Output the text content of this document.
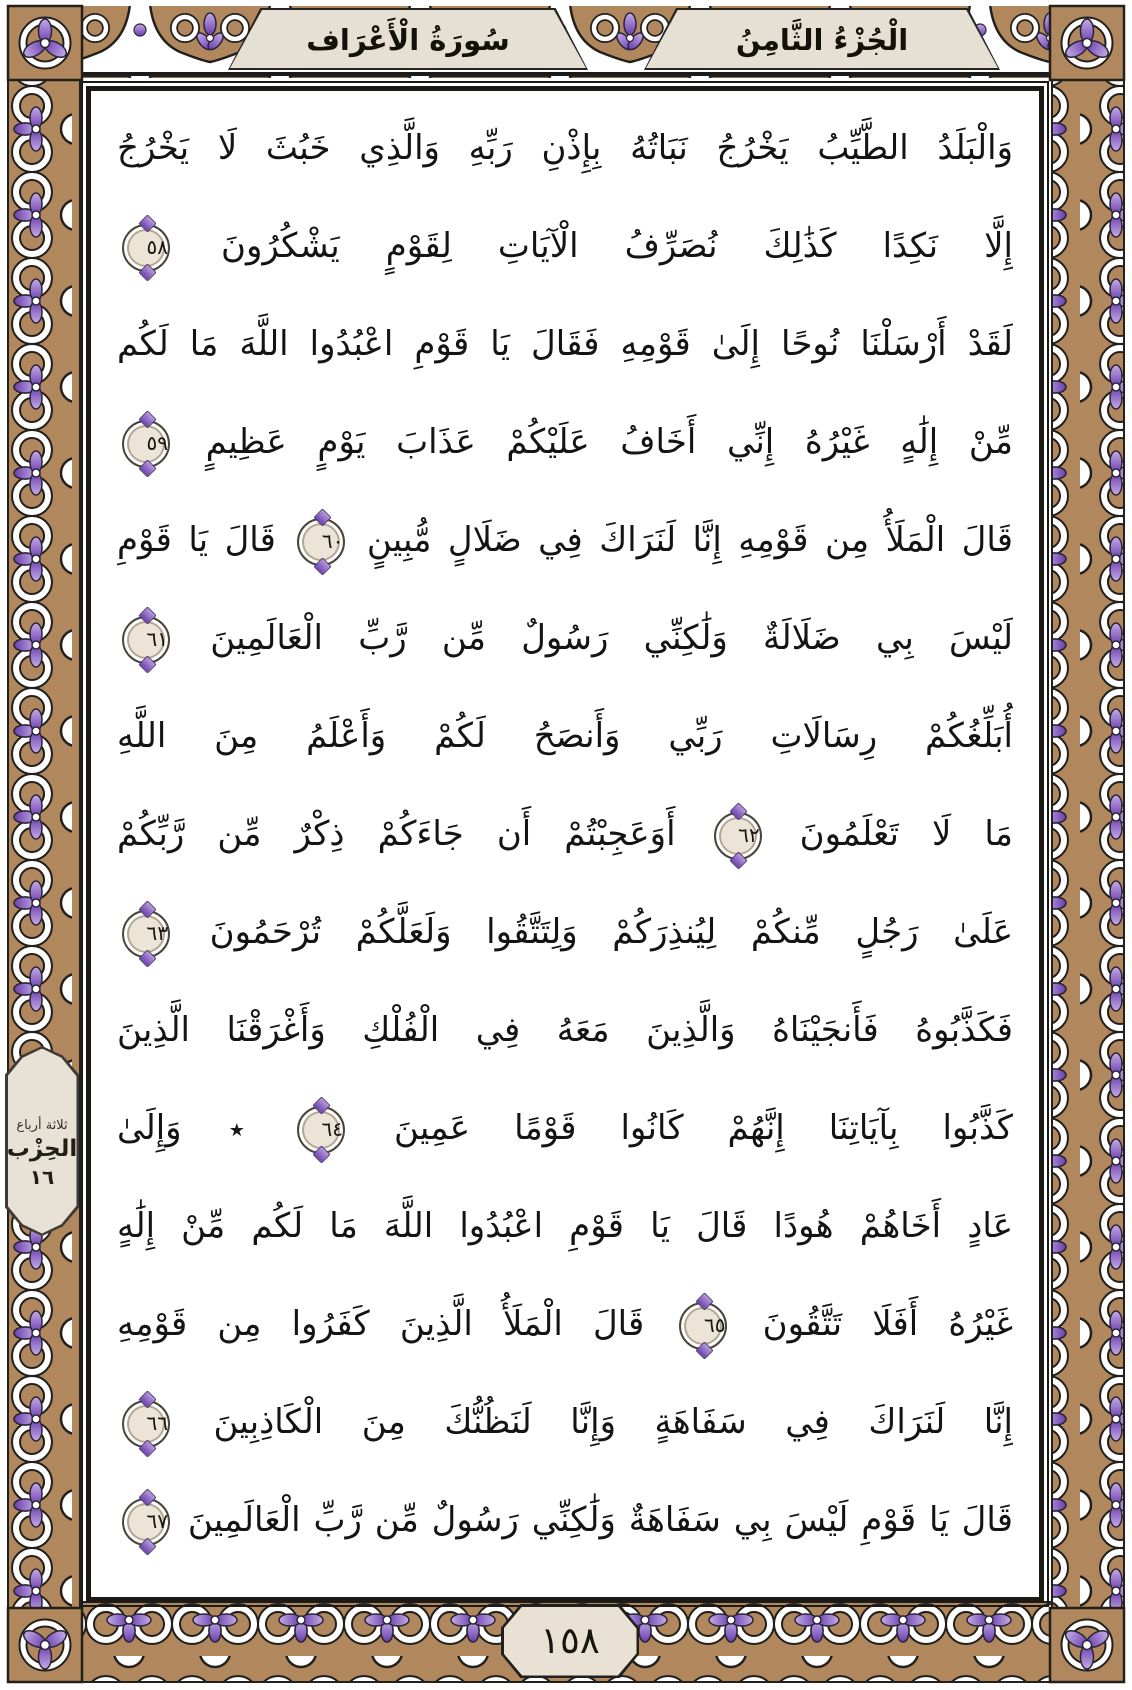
سُورَةُ الْأَعْرَاف	الْجُزْءُ الثَّامِنُ
وَالْبَلَدُ الطَّيِّبُ يَخْرُجُ نَبَاتُهُ بِإِذْنِ رَبِّهِ وَالَّذِي خَبُثَ لَا يَخْرُجُ
إِلَّا نَكِدًا كَذَٰلِكَ نُصَرِّفُ الْآيَاتِ لِقَوْمٍ يَشْكُرُونَ
٥٨
لَقَدْ أَرْسَلْنَا نُوحًا إِلَىٰ قَوْمِهِ فَقَالَ يَا قَوْمِ اعْبُدُوا اللَّهَ مَا لَكُم
مِّنْ إِلَٰهٍ غَيْرُهُ إِنِّي أَخَافُ عَلَيْكُمْ عَذَابَ يَوْمٍ عَظِيمٍ
٥٩
قَالَ الْمَلَأُ مِن قَوْمِهِ إِنَّا لَنَرَاكَ فِي ضَلَالٍ مُّبِينٍ
٦٠
قَالَ يَا قَوْمِ
لَيْسَ بِي ضَلَالَةٌ وَلَٰكِنِّي رَسُولٌ مِّن رَّبِّ الْعَالَمِينَ
٦١
أُبَلِّغُكُمْ رِسَالَاتِ رَبِّي وَأَنصَحُ لَكُمْ وَأَعْلَمُ مِنَ اللَّهِ
مَا لَا تَعْلَمُونَ
٦٢
أَوَعَجِبْتُمْ أَن جَاءَكُمْ ذِكْرٌ مِّن رَّبِّكُمْ
عَلَىٰ رَجُلٍ مِّنكُمْ لِيُنذِرَكُمْ وَلِتَتَّقُوا وَلَعَلَّكُمْ تُرْحَمُونَ
٦٣
فَكَذَّبُوهُ فَأَنجَيْنَاهُ وَالَّذِينَ مَعَهُ فِي الْفُلْكِ وَأَغْرَقْنَا الَّذِينَ
كَذَّبُوا بِآيَاتِنَا إِنَّهُمْ كَانُوا قَوْمًا عَمِينَ
٦٤
٭ وَإِلَىٰ
عَادٍ أَخَاهُمْ هُودًا قَالَ يَا قَوْمِ اعْبُدُوا اللَّهَ مَا لَكُم مِّنْ إِلَٰهٍ
غَيْرُهُ أَفَلَا تَتَّقُونَ
٦٥
قَالَ الْمَلَأُ الَّذِينَ كَفَرُوا مِن قَوْمِهِ
إِنَّا لَنَرَاكَ فِي سَفَاهَةٍ وَإِنَّا لَنَظُنُّكَ مِنَ الْكَاذِبِينَ
٦٦
قَالَ يَا قَوْمِ لَيْسَ بِي سَفَاهَةٌ وَلَٰكِنِّي رَسُولٌ مِّن رَّبِّ الْعَالَمِينَ
٦٧
ثلاثة أرباع
الحِزْب
١٦
١٥٨
